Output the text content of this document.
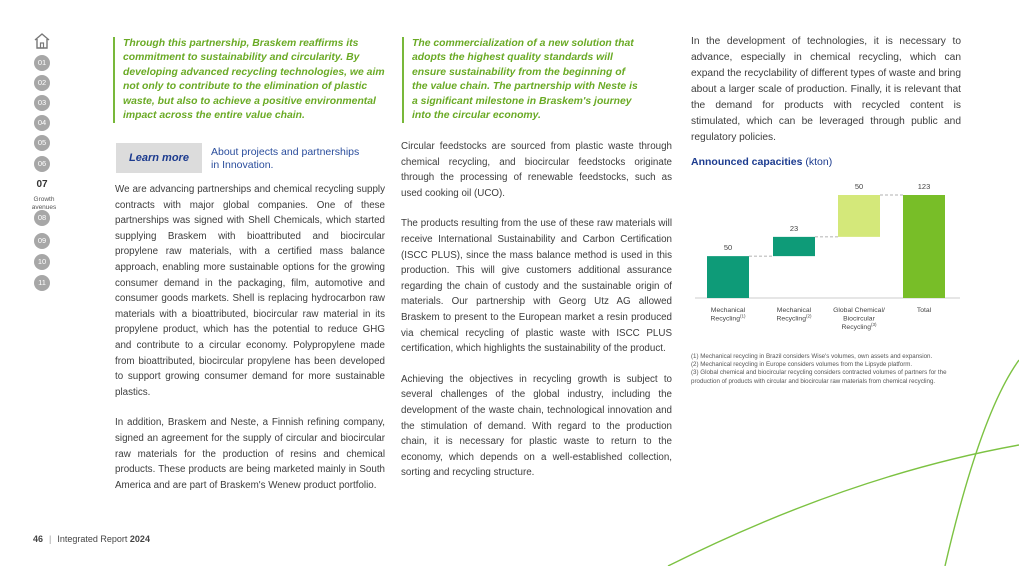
01
02
03
04
05
06
07
08
09
10
11
Growth avenues
Through this partnership, Braskem reaffirms its commitment to sustainability and circularity. By developing advanced recycling technologies, we aim not only to contribute to the elimination of plastic waste, but also to achieve a positive environmental impact across the entire value chain.
Learn more	About projects and partnerships in Innovation.

We are advancing partnerships and chemical recycling supply contracts with major global companies. One of these partnerships was signed with Shell Chemicals, which started supplying Braskem with bioattributed and biocircular propylene raw materials, with a certified mass balance approach, enabling more sustainable options for the growing consumer demand in the packaging, film, automotive and consumer goods markets. Shell is replacing hydrocarbon raw materials with a bioattributed, biocircular raw material in its propylene product, which has the potential to reduce GHG and contribute to a circular economy. Polypropylene made from bioattributed, biocircular propylene has been developed to support growing consumer demand for more sustainable plastics.

In addition, Braskem and Neste, a Finnish refining company, signed an agreement for the supply of circular and biocircular raw materials for the production of resins and chemical products. These products are being marketed mainly in South America and are part of Braskem's Wenew product portfolio.

The commercialization of a new solution that adopts the highest quality standards will ensure sustainability from the beginning of the value chain. The partnership with Neste is a significant milestone in Braskem's journey into the circular economy.

Circular feedstocks are sourced from plastic waste through chemical recycling, and biocircular feedstocks originate through the processing of renewable feedstocks, such as used cooking oil (UCO).

The products resulting from the use of these raw materials will receive International Sustainability and Carbon Certification (ISCC PLUS), since the mass balance method is used in this production. This will give customers additional assurance regarding the chain of custody and the sustainable origin of materials. Our partnership with Georg Utz AG allowed Braskem to present to the European market a resin produced via chemical recycling of plastic waste with ISCC PLUS certification, which highlights the sustainability of the product.

Achieving the objectives in recycling growth is subject to several challenges of the global industry, including the development of the waste chain, technological innovation and the stimulation of demand. With regard to the production chain, it is necessary for plastic waste to return to the economy, which depends on a well-established collection, sorting and recycling structure.

In the development of technologies, it is necessary to advance, especially in chemical recycling, which can expand the recyclability of different types of waste and bring about a larger scale of production. Finally, it is relevant that the demand for products with recycled content is stimulated, which can be leveraged through public and regulatory policies.

Announced capacities (kton)
50
Mechanical Recycling$^{(1)}$
23
Mechanical Recycling$^{(2)}$
50
Global Chemical/ Biocircular Recycling$^{(3)}$
123
Total

(1) Mechanical recycling in Brazil considers Wise's volumes, own assets and expansion.

(2) Mechanical recycling in Europe considers volumes from the Lipsyde platform.

(3) Global chemical and biocircular recycling considers contracted volumes of partners for the production of products with circular and biocircular raw materials from chemical recycling.

46 | Integrated Report 2024
